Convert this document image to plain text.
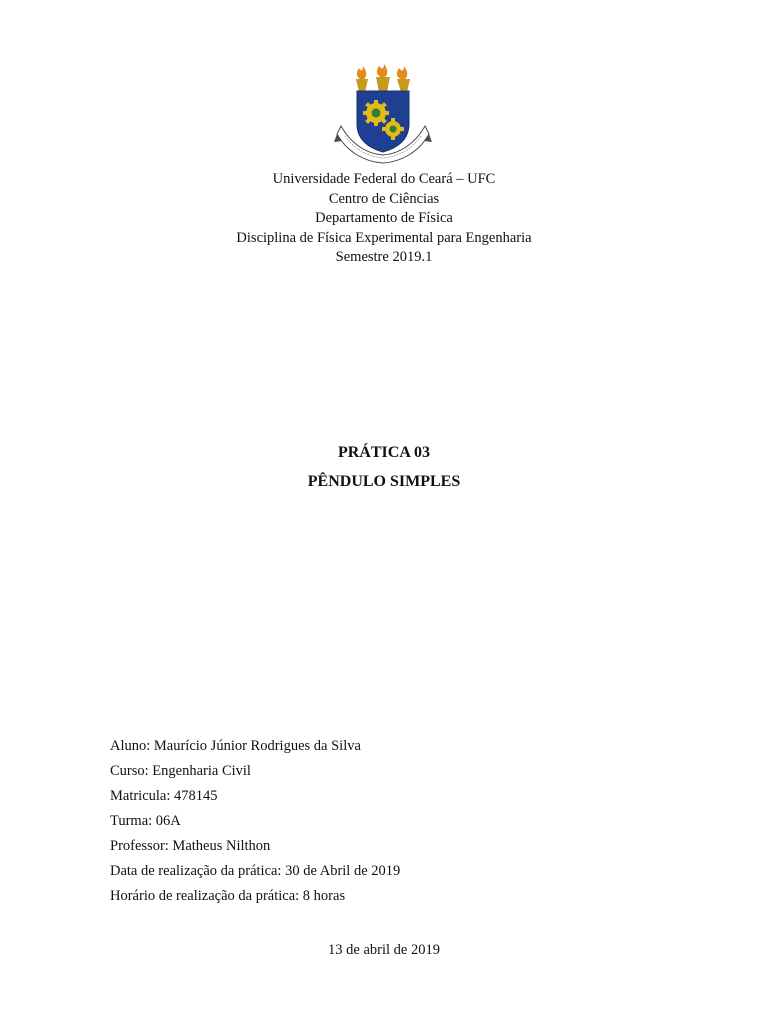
Universidade Federal do Ceará – UFC
Centro de Ciências
Departamento de Física
Disciplina de Física Experimental para Engenharia
Semestre 2019.1
PRÁTICA 03
PÊNDULO SIMPLES
Aluno: Maurício Júnior Rodrigues da Silva
Curso: Engenharia Civil
Matricula: 478145
Turma: 06A
Professor: Matheus Nilthon
Data de realização da prática: 30 de Abril de 2019
Horário de realização da prática: 8 horas
13 de abril de 2019
